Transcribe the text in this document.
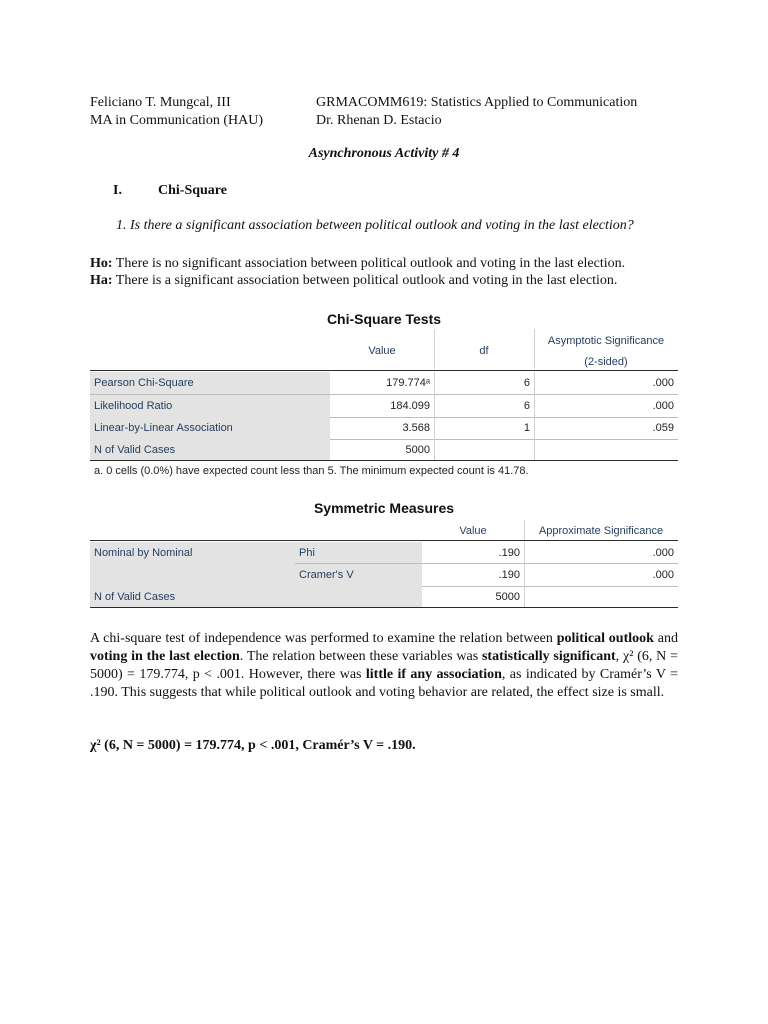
Feliciano T. Mungcal, III
MA in Communication (HAU)
GRMACOMM619: Statistics Applied to Communication
Dr. Rhenan D. Estacio
Asynchronous Activity # 4
I.	Chi-Square
1. Is there a significant association between political outlook and voting in the last election?
Ho: There is no significant association between political outlook and voting in the last election.
Ha: There is a significant association between political outlook and voting in the last election.
Chi-Square Tests
Value	df
Asymptotic Significance
(2-sided)
Pearson Chi-Square	179.774ᵃ	6	.000
Likelihood Ratio	184.099	6	.000
Linear-by-Linear Association	3.568	1	.059
N of Valid Cases	5000
a. 0 cells (0.0%) have expected count less than 5. The minimum expected count is 41.78.
Symmetric Measures
Value	Approximate Significance
Nominal by Nominal	Phi	.190	.000
Cramer's V	.190	.000
N of Valid Cases	5000
A chi-square test of independence was performed to examine the relation between political outlook and voting in the last election. The relation between these variables was statistically significant, χ² (6, N = 5000) = 179.774, p < .001. However, there was little if any association, as indicated by Cramér’s V = .190. This suggests that while political outlook and voting behavior are related, the effect size is small.
χ² (6, N = 5000) = 179.774, p < .001, Cramér’s V = .190.
